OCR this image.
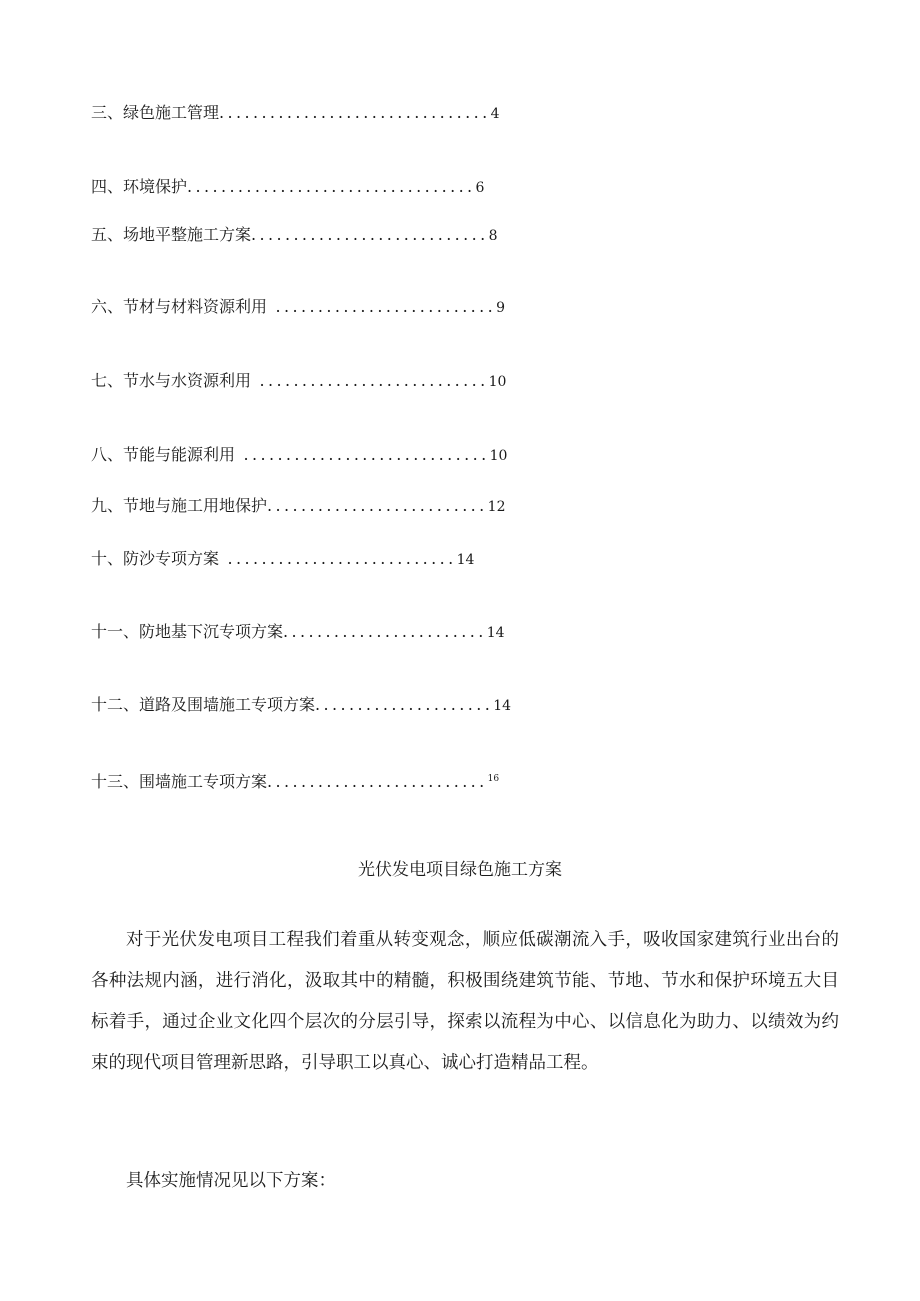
三、绿色施工管理................................4
四、环境保护..................................6
五、场地平整施工方案............................8
六、节材与材料资源利用 ..........................9
七、节水与水资源利用 ...........................10
八、节能与能源利用 .............................10
九、节地与施工用地保护..........................12
十、防沙专项方案 ...........................14
十一、防地基下沉专项方案........................14
十二、道路及围墙施工专项方案.....................14
十三、围墙施工专项方案..........................$^{16}$
光伏发电项目绿色施工方案

对于光伏发电项目工程我们着重从转变观念，顺应低碳潮流入手，吸收国家建筑行业出台的各种法规内涵，进行消化，汲取其中的精髓，积极围绕建筑节能、节地、节水和保护环境五大目标着手，通过企业文化四个层次的分层引导，探索以流程为中心、以信息化为助力、以绩效为约束的现代项目管理新思路，引导职工以真心、诚心打造精品工程。

具体实施情况见以下方案：
